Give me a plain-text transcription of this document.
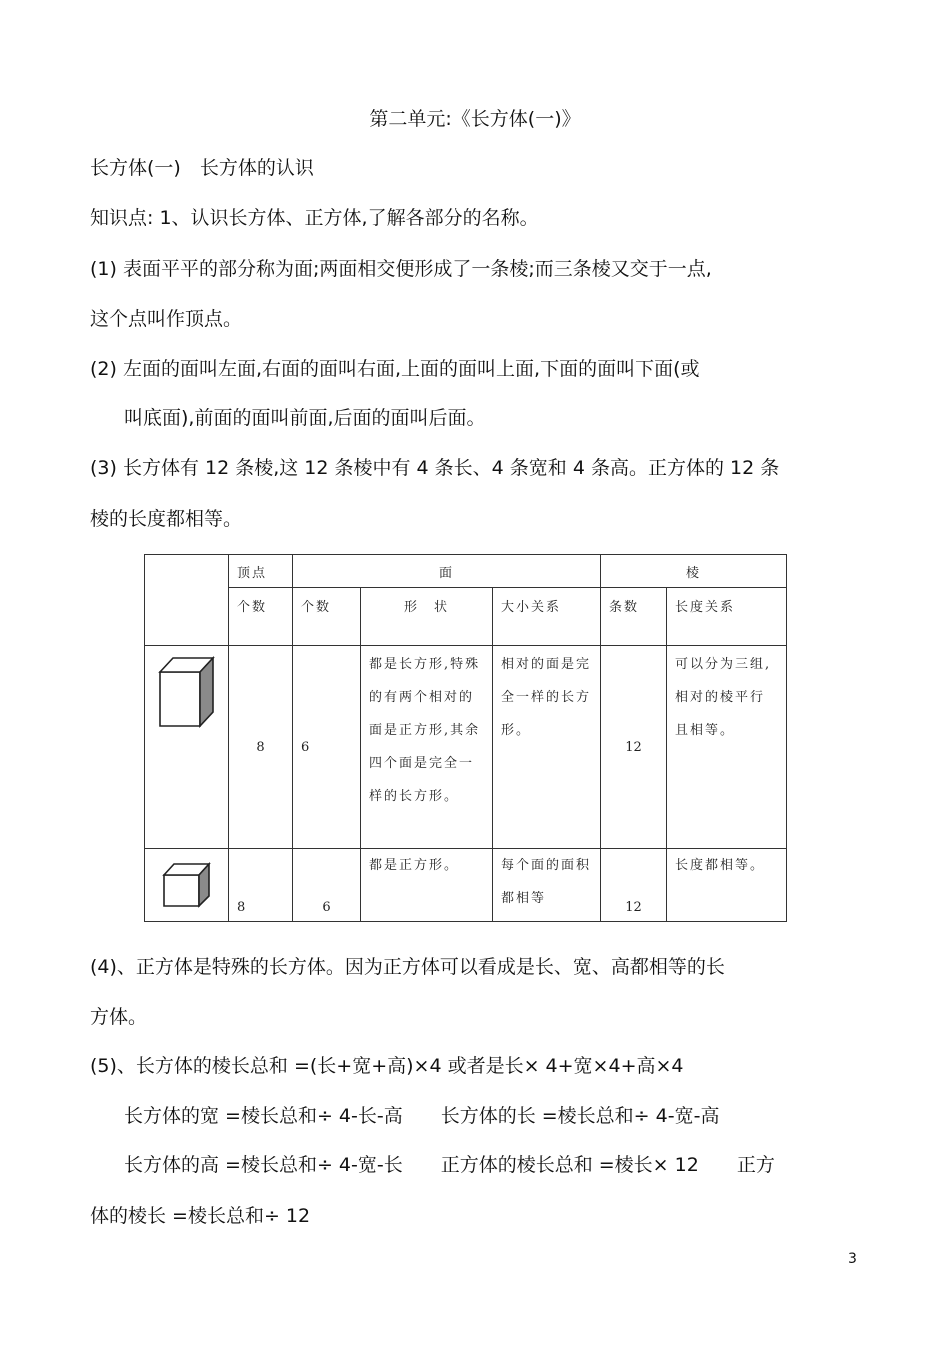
第二单元:《长方体(一)》
长方体(一)　长方体的认识
知识点: 1、认识长方体、正方体,了解各部分的名称。
(1) 表面平平的部分称为面;两面相交便形成了一条棱;而三条棱又交于一点,
这个点叫作顶点。
(2) 左面的面叫左面,右面的面叫右面,上面的面叫上面,下面的面叫下面(或
叫底面),前面的面叫前面,后面的面叫后面。
(3) 长方体有 12 条棱,这 12 条棱中有 4 条长、4 条宽和 4 条高。正方体的 12 条
棱的长度都相等。
	顶点	面			棱	
	个数	个数	形　状	大小关系	条数	长度关系

	8	6	都是长方形,特殊的有两个相对的面是正方形,其余四个面是完全一样的长方形。	相对的面是完全一样的长方形。	12	可以分为三组,相对的棱平行且相等。

	8	6	都是正方形。	每个面的面积都相等	12	长度都相等。
(4)、正方体是特殊的长方体。因为正方体可以看成是长、宽、高都相等的长
方体。
(5)、长方体的棱长总和 =(长+宽+高)×4 或者是长× 4+宽×4+高×4
长方体的宽 =棱长总和÷ 4-长-高　　长方体的长 =棱长总和÷ 4-宽-高
长方体的高 =棱长总和÷ 4-宽-长　　正方体的棱长总和 =棱长× 12　　正方
体的棱长 =棱长总和÷ 12
3
